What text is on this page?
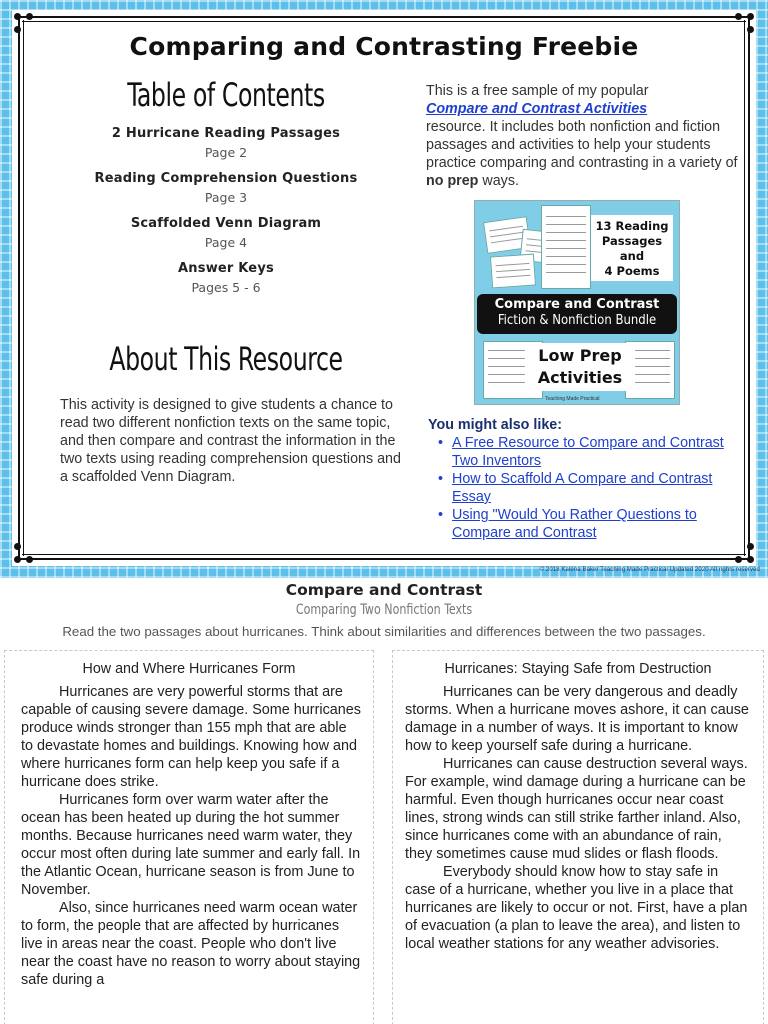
Comparing and Contrasting Freebie
Table of Contents
2 Hurricane Reading Passages
Page 2
Reading Comprehension Questions
Page 3
Scaffolded Venn Diagram
Page 4
Answer Keys
Pages 5 - 6
About This Resource
This activity is designed to give students a chance to read two different nonfiction texts on the same topic, and then compare and contrast the information in the two texts using reading comprehension questions and a scaffolded Venn Diagram.
This is a free sample of my popular
Compare and Contrast Activities
resource. It includes both nonfiction and fiction passages and activities to help your students practice comparing and contrasting in a variety of no prep ways.
13 Reading
Passages
and
4 Poems
Compare and Contrast
Fiction & Nonfiction Bundle
Low Prep
Activities
Teaching Made Practical
You might also like:
• A Free Resource to Compare and Contrast Two Inventors
• How to Scaffold A Compare and Contrast Essay
• Using "Would You Rather Questions to Compare and Contrast
© 2018 Kalena Baker Teaching Made Practical Updated 2020 All rights reserved
Compare and Contrast
Comparing Two Nonfiction Texts
Read the two passages about hurricanes. Think about similarities and differences between the two passages.
How and Where Hurricanes Form

Hurricanes are very powerful storms that are capable of causing severe damage. Some hurricanes produce winds stronger than 155 mph that are able to devastate homes and buildings. Knowing how and where hurricanes form can help keep you safe if a hurricane does strike.

Hurricanes form over warm water after the ocean has been heated up during the hot summer months. Because hurricanes need warm water, they occur most often during late summer and early fall. In the Atlantic Ocean, hurricane season is from June to November.

Also, since hurricanes need warm ocean water to form, the people that are affected by hurricanes live in areas near the coast. People who don't live near the coast have no reason to worry about staying safe during a

Hurricanes: Staying Safe from Destruction

Hurricanes can be very dangerous and deadly storms. When a hurricane moves ashore, it can cause damage in a number of ways. It is important to know how to keep yourself safe during a hurricane.

Hurricanes can cause destruction several ways. For example, wind damage during a hurricane can be harmful. Even though hurricanes occur near coast lines, strong winds can still strike farther inland. Also, since hurricanes come with an abundance of rain, they sometimes cause mud slides or flash floods.

Everybody should know how to stay safe in case of a hurricane, whether you live in a place that hurricanes are likely to occur or not. First, have a plan of evacuation (a plan to leave the area), and listen to local weather stations for any weather advisories.
